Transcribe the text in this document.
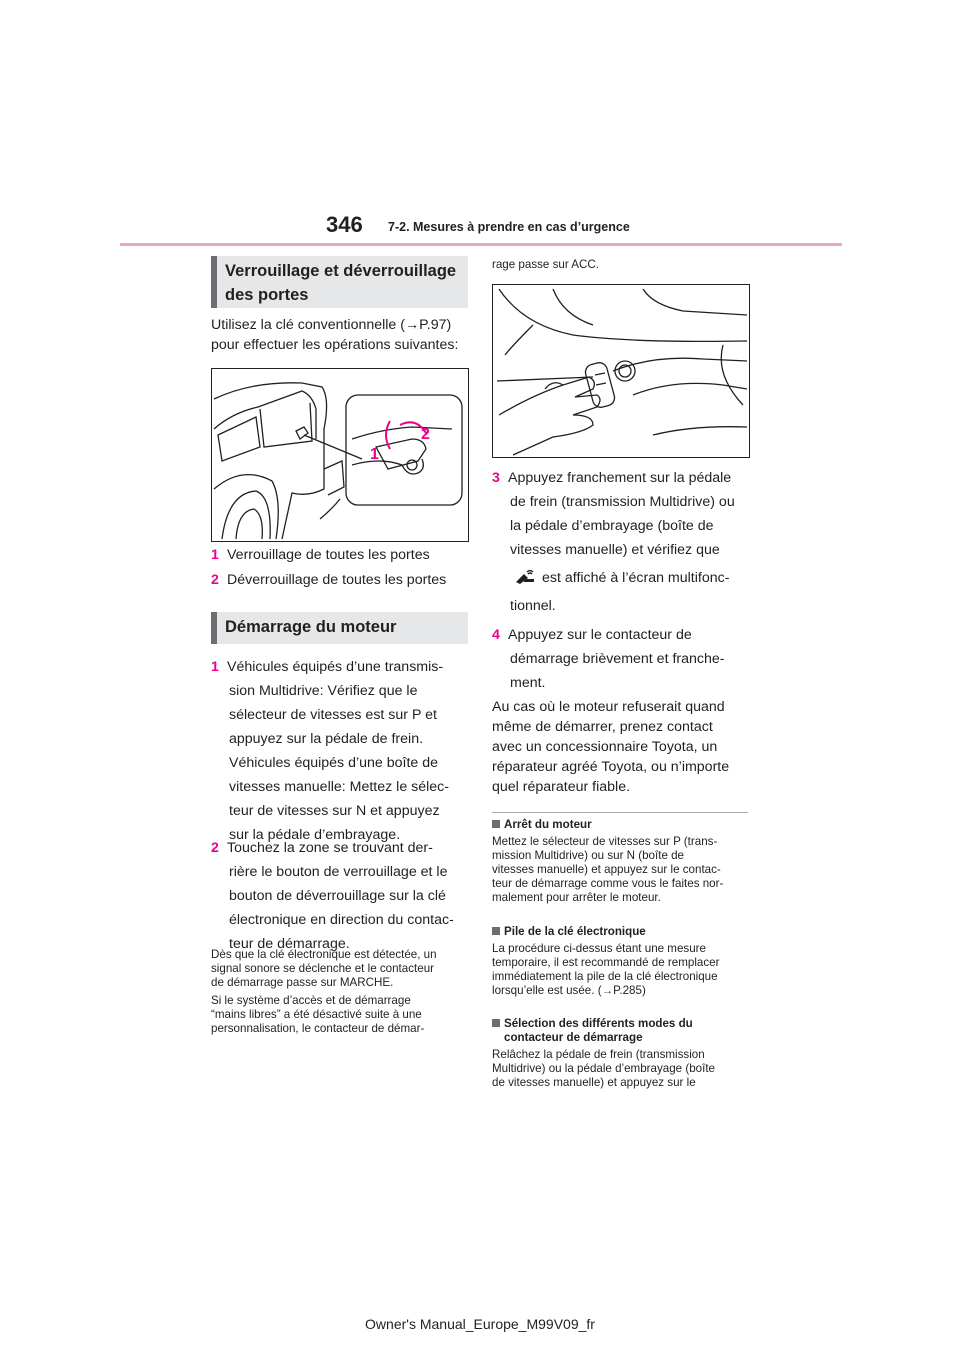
346 7-2. Mesures à prendre en cas d’urgence
Verrouillage et déverrouillage des portes
Utilisez la clé conventionnelle (→P.97) pour effectuer les opérations suivantes:
2
1
1 Verrouillage de toutes les portes
2 Déverrouillage de toutes les portes
Démarrage du moteur
1 Véhicules équipés d’une transmis-
sion Multidrive: Vérifiez que le
sélecteur de vitesses est sur P et
appuyez sur la pédale de frein.
Véhicules équipés d’une boîte de
vitesses manuelle: Mettez le sélec-
teur de vitesses sur N et appuyez
sur la pédale d’embrayage.
2 Touchez la zone se trouvant der-
rière le bouton de verrouillage et le
bouton de déverrouillage sur la clé
électronique en direction du contac-
teur de démarrage.
Dès que la clé électronique est détectée, un
signal sonore se déclenche et le contacteur
de démarrage passe sur MARCHE.
Si le système d’accès et de démarrage
“mains libres” a été désactivé suite à une
personnalisation, le contacteur de démar-
rage passe sur ACC.
3 Appuyez franchement sur la pédale
de frein (transmission Multidrive) ou
la pédale d’embrayage (boîte de
vitesses manuelle) et vérifiez que
est affiché à l’écran multifonc-
tionnel.
4 Appuyez sur le contacteur de
démarrage brièvement et franche-
ment.
Au cas où le moteur refuserait quand
même de démarrer, prenez contact
avec un concessionnaire Toyota, un
réparateur agréé Toyota, ou n’importe
quel réparateur fiable.
Arrêt du moteur
Mettez le sélecteur de vitesses sur P (trans-
mission Multidrive) ou sur N (boîte de
vitesses manuelle) et appuyez sur le contac-
teur de démarrage comme vous le faites nor-
malement pour arrêter le moteur.
Pile de la clé électronique
La procédure ci-dessus étant une mesure
temporaire, il est recommandé de remplacer
immédiatement la pile de la clé électronique
lorsqu’elle est usée. (→P.285)
Sélection des différents modes du
contacteur de démarrage
Relâchez la pédale de frein (transmission
Multidrive) ou la pédale d’embrayage (boîte
de vitesses manuelle) et appuyez sur le
Owner's Manual_Europe_M99V09_fr
